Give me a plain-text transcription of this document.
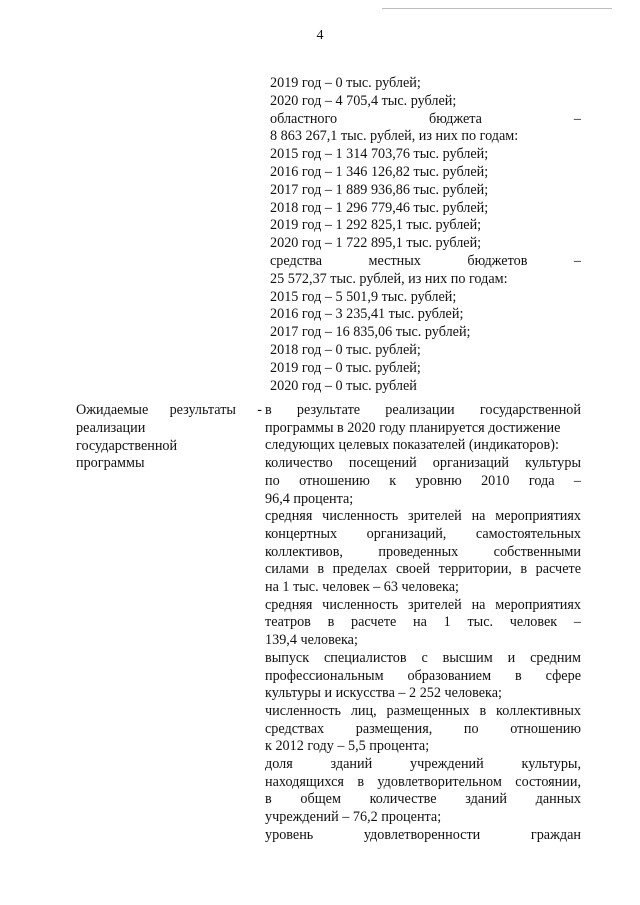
4
2019 год – 0 тыс. рублей;
2020 год – 4 705,4 тыс. рублей;
областного бюджета –
8 863 267,1 тыс. рублей, из них по годам:
2015 год – 1 314 703,76 тыс. рублей;
2016 год – 1 346 126,82 тыс. рублей;
2017 год – 1 889 936,86 тыс. рублей;
2018 год – 1 296 779,46 тыс. рублей;
2019 год – 1 292 825,1 тыс. рублей;
2020 год – 1 722 895,1 тыс. рублей;
средства местных бюджетов –
25 572,37 тыс. рублей, из них по годам:
2015 год – 5 501,9 тыс. рублей;
2016 год – 3 235,41 тыс. рублей;
2017 год – 16 835,06 тыс. рублей;
2018 год – 0 тыс. рублей;
2019 год – 0 тыс. рублей;
2020 год – 0 тыс. рублей
Ожидаемые результаты -
реализации
государственной
программы
в результате реализации государственной
программы в 2020 году планируется достижение
следующих целевых показателей (индикаторов):
количество посещений организаций культуры
по отношению к уровню 2010 года –
96,4 процента;
средняя численность зрителей на мероприятиях
концертных организаций, самостоятельных
коллективов, проведенных собственными
силами в пределах своей территории, в расчете
на 1 тыс. человек – 63 человека;
средняя численность зрителей на мероприятиях
театров в расчете на 1 тыс. человек –
139,4 человека;
выпуск специалистов с высшим и средним
профессиональным образованием в сфере
культуры и искусства – 2 252 человека;
численность лиц, размещенных в коллективных
средствах размещения, по отношению
к 2012 году – 5,5 процента;
доля зданий учреждений культуры,
находящихся в удовлетворительном состоянии,
в общем количестве зданий данных
учреждений – 76,2 процента;
уровень удовлетворенности граждан
